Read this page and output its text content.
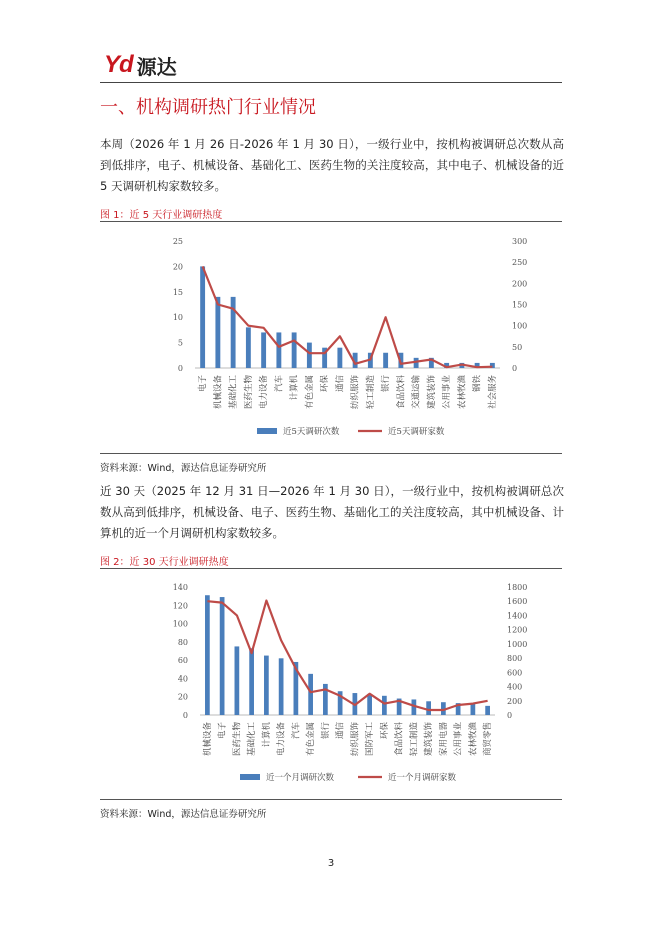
Yd 源达
一、机构调研热门行业情况
本周（2026 年 1 月 26 日-2026 年 1 月 30 日），一级行业中，按机构被调研总次数从高到低排序，电子、机械设备、基础化工、医药生物的关注度较高，其中电子、机械设备的近 5 天调研机构家数较多。
图 1：近 5 天行业调研热度
0
5
10
15
20
25
0
50
100
150
200
250
300
电子 机械设备 基础化工 医药生物 电力设备 汽车 计算机 有色金属 环保 通信 纺织服饰 轻工制造 银行 食品饮料 交通运输 建筑装饰 公用事业 农林牧渔 钢铁 社会服务
近5天调研次数	近5天调研家数
资料来源：Wind，源达信息证券研究所
近 30 天（2025 年 12 月 31 日—2026 年 1 月 30 日），一级行业中，按机构被调研总次数从高到低排序，机械设备、电子、医药生物、基础化工的关注度较高，其中机械设备、计算机的近一个月调研机构家数较多。
图 2：近 30 天行业调研热度
0
20
40
60
80
100
120
140
0
200
400
600
800
1000
1200
1400
1600
1800
机械设备 电子 医药生物 基础化工 计算机 电力设备 汽车 有色金属 银行 通信 纺织服饰 国防军工 环保 食品饮料 轻工制造 建筑装饰 家用电器 公用事业 农林牧渔 商贸零售
近一个月调研次数	近一个月调研家数
资料来源：Wind，源达信息证券研究所
3
